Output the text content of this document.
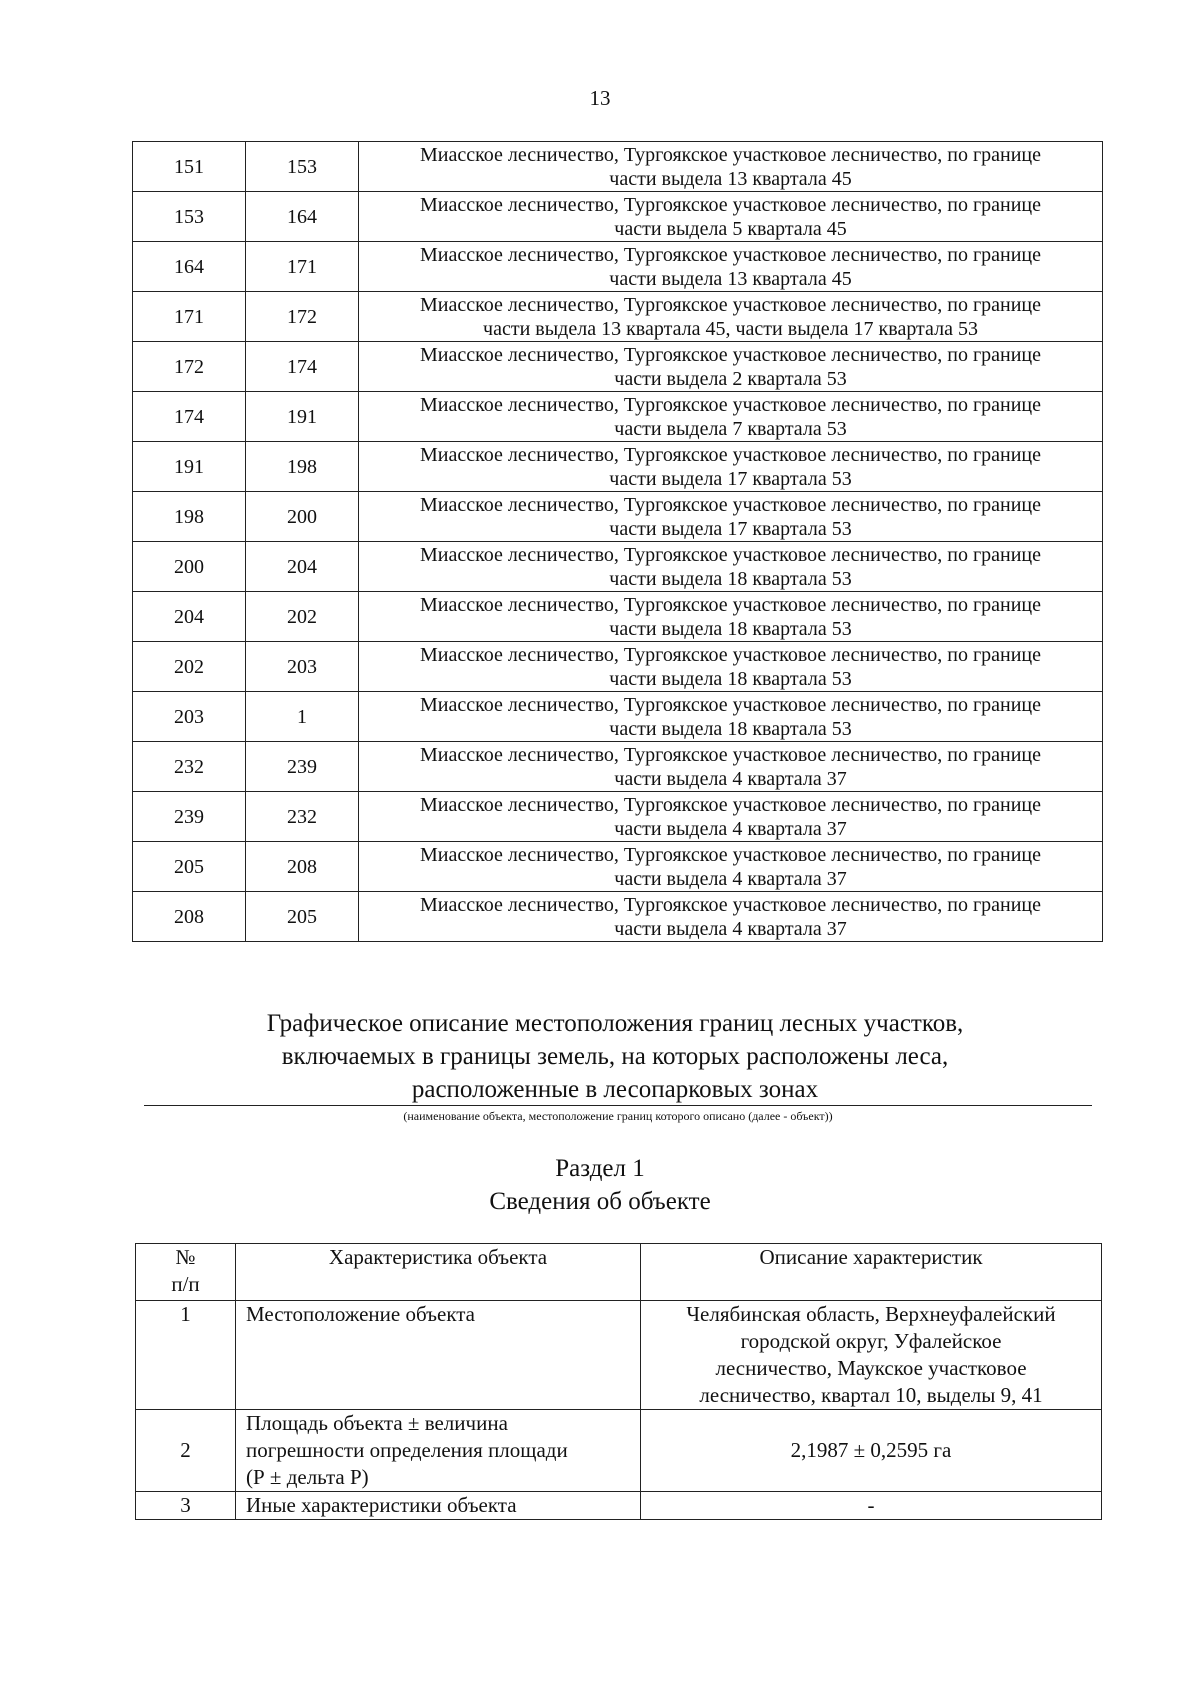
13
151	153	Миасское лесничество, Тургоякское участковое лесничество, по границе
части выдела 13 квартала 45

153	164	Миасское лесничество, Тургоякское участковое лесничество, по границе
части выдела 5 квартала 45

164	171	Миасское лесничество, Тургоякское участковое лесничество, по границе
части выдела 13 квартала 45

171	172	Миасское лесничество, Тургоякское участковое лесничество, по границе
части выдела 13 квартала 45, части выдела 17 квартала 53

172	174	Миасское лесничество, Тургоякское участковое лесничество, по границе
части выдела 2 квартала 53

174	191	Миасское лесничество, Тургоякское участковое лесничество, по границе
части выдела 7 квартала 53

191	198	Миасское лесничество, Тургоякское участковое лесничество, по границе
части выдела 17 квартала 53

198	200	Миасское лесничество, Тургоякское участковое лесничество, по границе
части выдела 17 квартала 53

200	204	Миасское лесничество, Тургоякское участковое лесничество, по границе
части выдела 18 квартала 53

204	202	Миасское лесничество, Тургоякское участковое лесничество, по границе
части выдела 18 квартала 53

202	203	Миасское лесничество, Тургоякское участковое лесничество, по границе
части выдела 18 квартала 53

203	1	Миасское лесничество, Тургоякское участковое лесничество, по границе
части выдела 18 квартала 53

232	239	Миасское лесничество, Тургоякское участковое лесничество, по границе
части выдела 4 квартала 37

239	232	Миасское лесничество, Тургоякское участковое лесничество, по границе
части выдела 4 квартала 37

205	208	Миасское лесничество, Тургоякское участковое лесничество, по границе
части выдела 4 квартала 37

208	205	Миасское лесничество, Тургоякское участковое лесничество, по границе
части выдела 4 квартала 37
Графическое описание местоположения границ лесных участков,
включаемых в границы земель, на которых расположены леса,
расположенные в лесопарковых зонах
(наименование объекта, местоположение границ которого описано (далее - объект))
Раздел 1
Сведения об объекте
№
п/п	Характеристика объекта	Описание характеристик
1	Местоположение объекта	Челябинская область, Верхнеуфалейский
городской округ, Уфалейское
лесничество, Маукское участковое
лесничество, квартал 10, выделы 9, 41

2	Площадь объекта ± величина
погрешности определения площади
(Р ± дельта Р)	2,1987 ± 0,2595 га

3	Иные характеристики объекта	-
